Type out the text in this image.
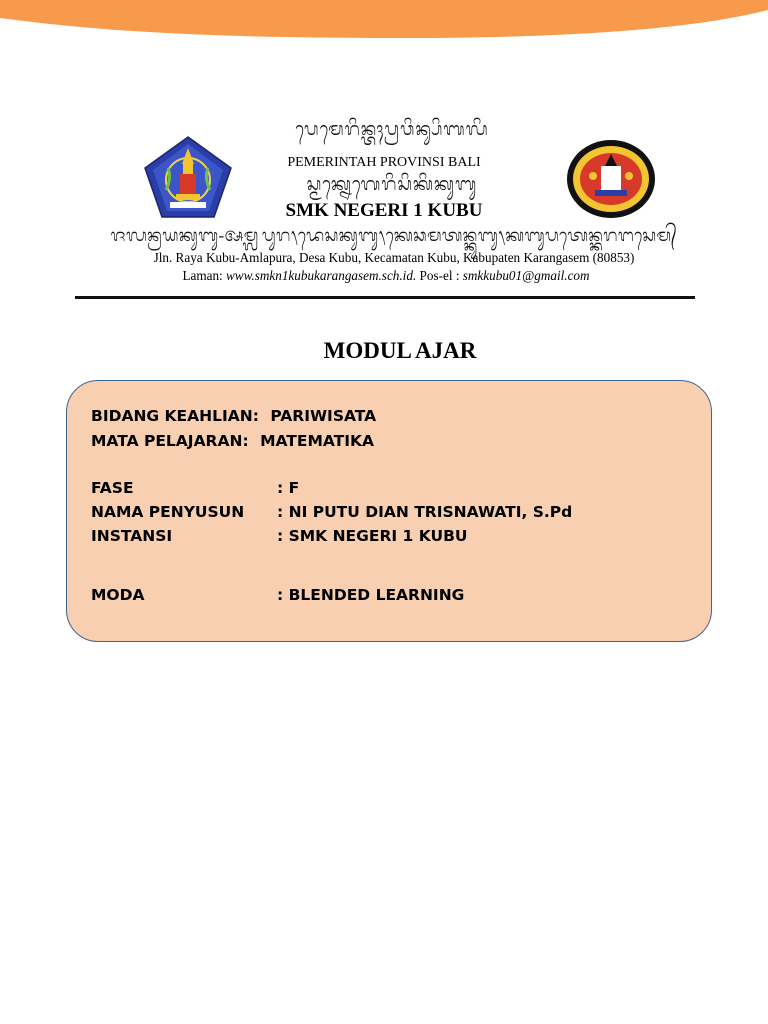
ᬧᬾᬫᬾᬭᬶᬦ᭄ᬢᬄᬧ᭄ᬭᬯᬶᬦ᭄ᬲᬶᬩᬮᬶ
PEMERINTAH PROVINSI BALI
ᬲ᭄ᬫᬓ᭄ᬦᬾᬕᬾᬭᬶᬲᬶᬓᬶᬓᬸᬩᬸ
SMK NEGERI 1 KUBU
ᬚᬮᬦ᭄ᬭᬬᬓᬸᬩᬸ-ᬅᬫ᭄ᬮᬧᬸᬭ᭞ᬤᬾᬲᬓᬸᬩᬸ᭞ᬓᬾᬘᬫᬢᬦ᭄ᬓᬸᬩᬸ᭞ᬓᬩᬸᬧᬢᬾᬦ᭄ᬓᬭᬗᬲᬾᬫ᭄
Jln. Raya Kubu-Amlapura, Desa Kubu, Kecamatan Kubu, Kabupaten Karangasem (80853)
Laman: www.smkn1kubukarangasem.sch.id. Pos-el : smkkubu01@gmail.com
MODUL AJAR
BIDANG KEAHLIAN: PARIWISATA
MATA PELAJARAN: MATEMATIKA
FASE	: F
NAMA PENYUSUN : NI PUTU DIAN TRISNAWATI, S.Pd
INSTANSI	: SMK NEGERI 1 KUBU
MODA	: BLENDED LEARNING
